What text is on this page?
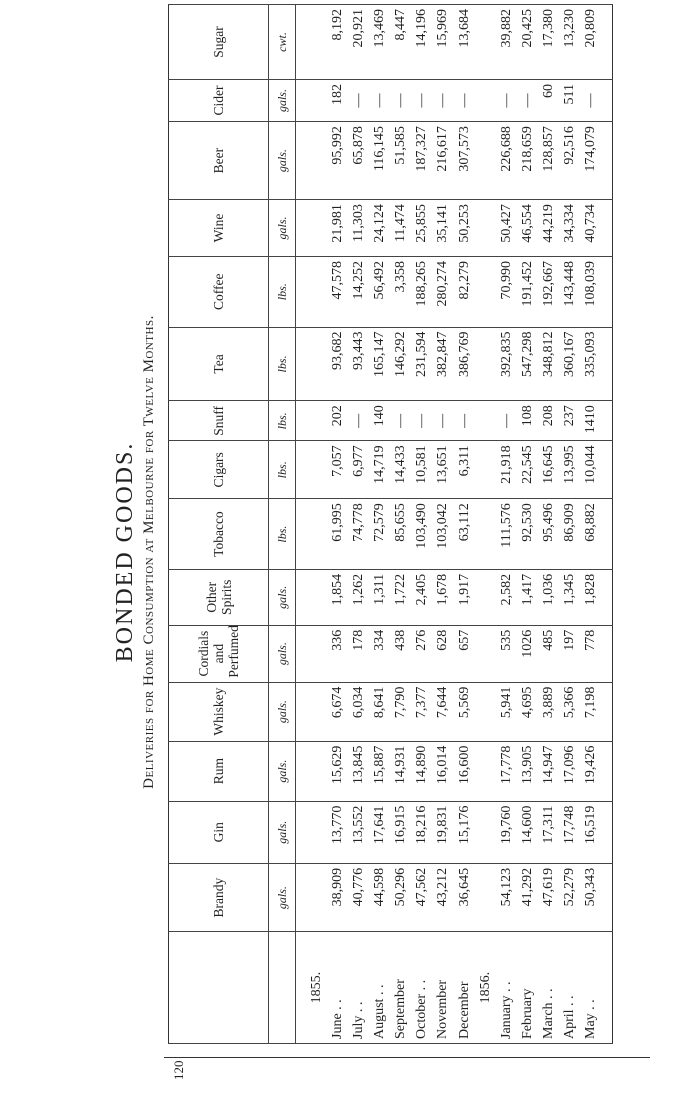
BONDED GOODS. Deliveries for Home Consumption at Melbourne for Twelve Months.
120
	Brandy	Gin	Rum	Whiskey	Cordials and Perfumed	Other Spirits	Tobacco	Cigars	Snuff	Tea	Coffee	Wine	Beer	Cider	Sugar
	gals.	gals.	gals.	gals.	gals.	gals.	lbs.	lbs.	lbs.	lbs.	lbs.	gals.	gals.	gals.	cwt.

1855.															
June . .	38,909	13,770	15,629	6,674	336	1,854	61,995	7,057	202	93,682	47,578	21,981	95,992	182	8,192
July . .	40,776	13,552	13,845	6,034	178	1,262	74,778	6,977	—	93,443	14,252	11,303	65,878	—	20,921
August . .	44,598	17,641	15,887	8,641	334	1,311	72,579	14,719	140	165,147	56,492	24,124	116,145	—	13,469
September	50,296	16,915	14,931	7,790	438	1,722	85,655	14,433	—	146,292	3,358	11,474	51,585	—	8,447
October . .	47,562	18,216	14,890	7,377	276	2,405	103,490	10,581	—	231,594	188,265	25,855	187,327	—	14,196
November	43,212	19,831	16,014	7,644	628	1,678	103,042	13,651	—	382,847	280,274	35,141	216,617	—	15,969
December	36,645	15,176	16,600	5,569	657	1,917	63,112	6,311	—	386,769	82,279	50,253	307,573	—	13,684
1856.															
January . .	54,123	19,760	17,778	5,941	535	2,582	111,576	21,918	—	392,835	70,990	50,427	226,688	—	39,882
February	41,292	14,600	13,905	4,695	1026	1,417	92,530	22,545	108	547,298	191,452	46,554	218,659	—	20,425
March . .	47,619	17,311	14,947	3,889	485	1,036	95,496	16,645	208	348,812	192,667	44,219	128,857	60	17,380
April . .	52,279	17,748	17,096	5,366	197	1,345	86,909	13,995	237	360,167	143,448	34,334	92,516	511	13,230
May . .	50,343	16,519	19,426	7,198	778	1,828	68,882	10,044	1410	335,093	108,039	40,734	174,079	—	20,809
